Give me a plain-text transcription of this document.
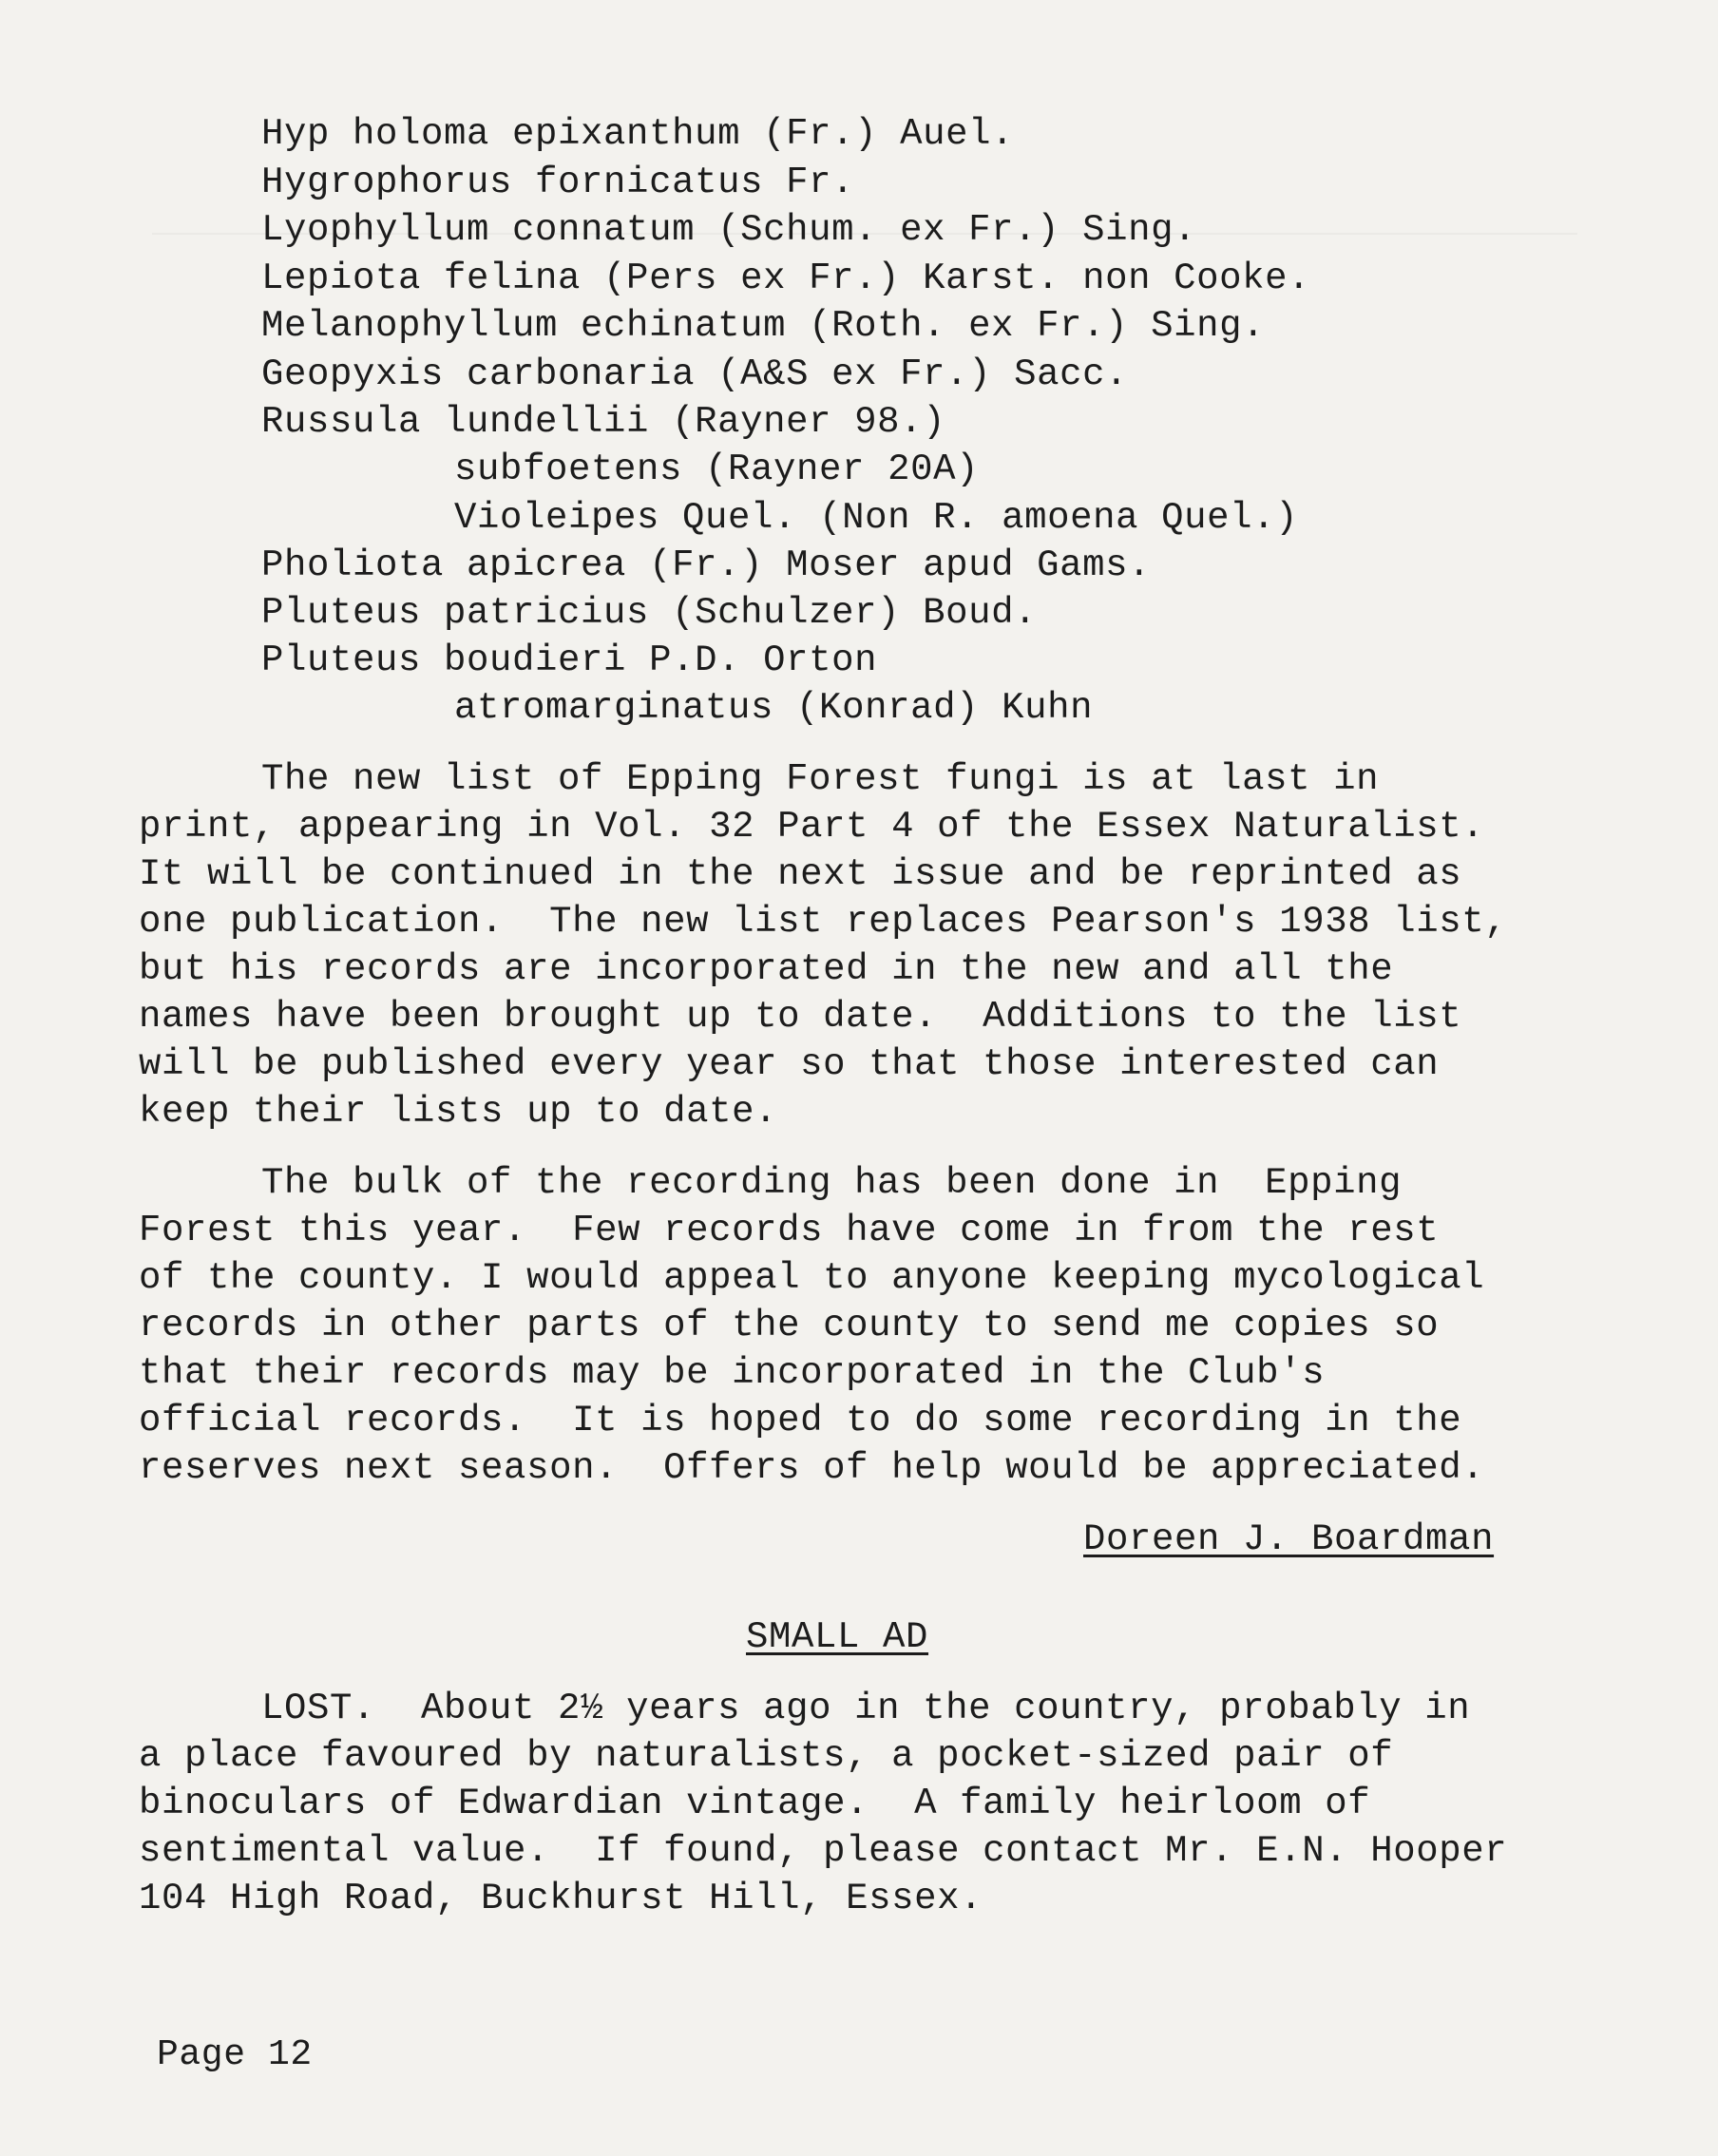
Hyp holoma epixanthum (Fr.) Auel.
Hygrophorus fornicatus Fr.
Lyophyllum connatum (Schum. ex Fr.) Sing.
Lepiota felina (Pers ex Fr.) Karst. non Cooke.
Melanophyllum echinatum (Roth. ex Fr.) Sing.
Geopyxis carbonaria (A&S ex Fr.) Sacc.
Russula lundellii (Rayner 98.)
subfoetens (Rayner 20A)
Violeipes Quel. (Non R. amoena Quel.)
Pholiota apicrea (Fr.) Moser apud Gams.
Pluteus patricius (Schulzer) Boud.
Pluteus boudieri P.D. Orton
atromarginatus (Konrad) Kuhn
The new list of Epping Forest fungi is at last in
print, appearing in Vol. 32 Part 4 of the Essex Naturalist.
It will be continued in the next issue and be reprinted as
one publication.  The new list replaces Pearson's 1938 list,
but his records are incorporated in the new and all the
names have been brought up to date.  Additions to the list
will be published every year so that those interested can
keep their lists up to date.
The bulk of the recording has been done in  Epping
Forest this year.  Few records have come in from the rest
of the county. I would appeal to anyone keeping mycological
records in other parts of the county to send me copies so
that their records may be incorporated in the Club's
official records.  It is hoped to do some recording in the
reserves next season.  Offers of help would be appreciated.
Doreen J. Boardman
SMALL AD
LOST.  About 2½ years ago in the country, probably in
a place favoured by naturalists, a pocket-sized pair of
binoculars of Edwardian vintage.  A family heirloom of
sentimental value.  If found, please contact Mr. E.N. Hooper
104 High Road, Buckhurst Hill, Essex.
Page 12
